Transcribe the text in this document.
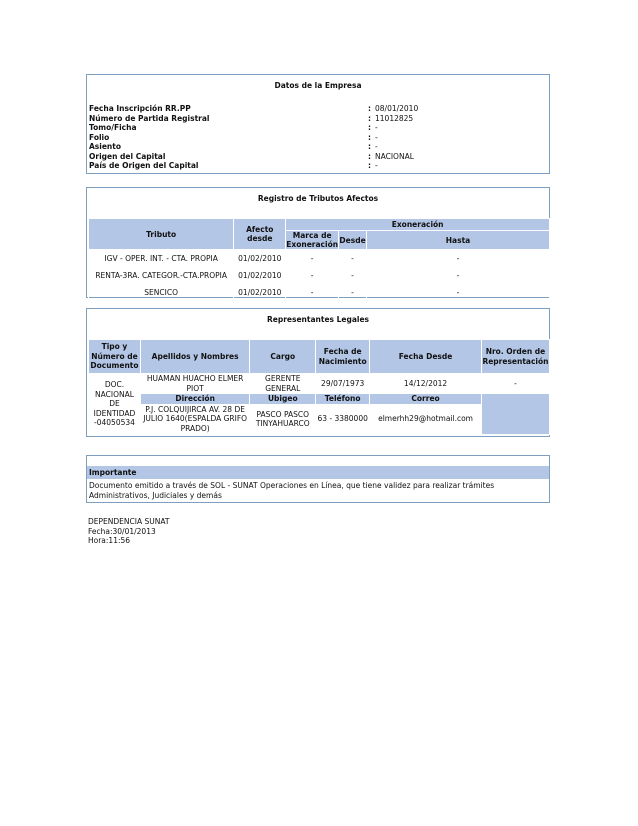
Datos de la Empresa
Fecha Inscripción RR.PP	:	08/01/2010
Número de Partida Registral	:	11012825
Tomo/Ficha	:	-
Folio	:	-
Asiento	:	-
Origen del Capital	:	NACIONAL
País de Origen del Capital	:	-
Registro de Tributos Afectos
Tributo	Afecto desde	Exoneración		
		Marca de Exoneración	Desde	Hasta
IGV - OPER. INT. - CTA. PROPIA	01/02/2010	-	-	-
RENTA-3RA. CATEGOR.-CTA.PROPIA	01/02/2010	-	-	-
SENCICO	01/02/2010	-	-	-
Representantes Legales
Tipo y Número de Documento	Apellidos y Nombres	Cargo	Fecha de Nacimiento	Fecha Desde	Nro. Orden de Representación
DOC. NACIONAL DE IDENTIDAD -04050534	HUAMAN HUACHO ELMER PIOT	GERENTE GENERAL	29/07/1973	14/12/2012	-
	Dirección	Ubigeo	Teléfono	Correo	
	P.J. COLQUIJIRCA AV. 28 DE JULIO 1640(ESPALDA GRIFO PRADO)	PASCO PASCO TINYAHUARCO	63 - 3380000	elmerhh29@hotmail.com	
Importante
Documento emitido a través de SOL - SUNAT Operaciones en Línea, que tiene validez para realizar trámites Administrativos, Judiciales y demás
DEPENDENCIA SUNAT
Fecha:30/01/2013
Hora:11:56
